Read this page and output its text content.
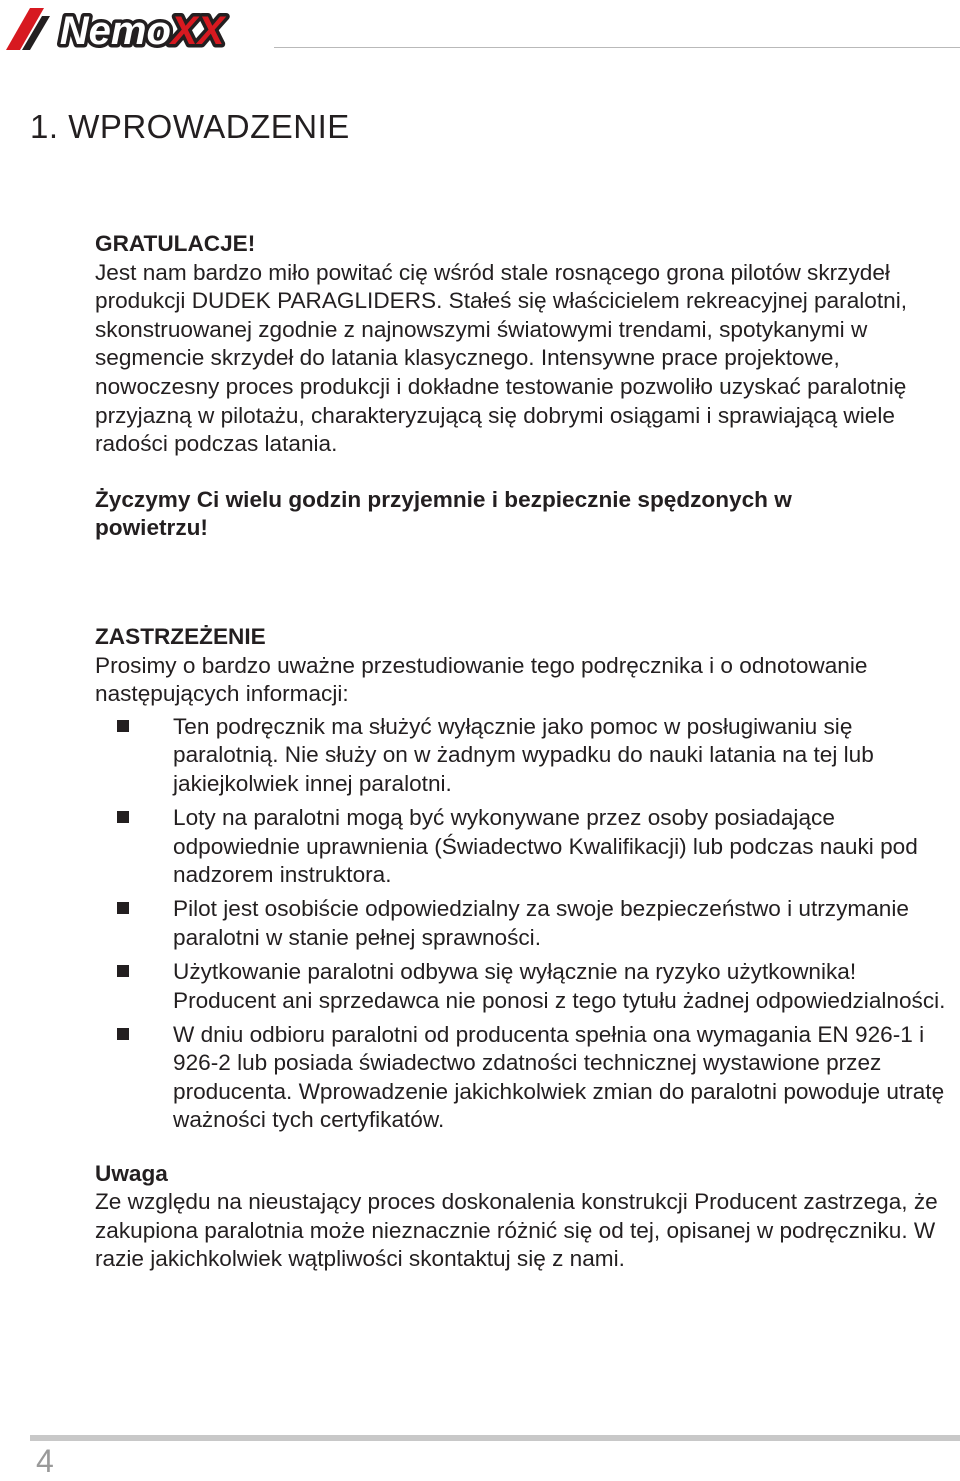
NemoXX
NemoXX
1. WPROWADZENIE

GRATULACJE!

Jest nam bardzo miło powitać cię wśród stale rosnącego grona pilotów skrzydeł produkcji DUDEK PARAGLIDERS. Stałeś się właścicielem rekreacyjnej paralotni, skonstruowanej zgodnie z najnowszymi światowymi trendami, spotykanymi w segmencie skrzydeł do latania klasycznego. Intensywne prace projektowe, nowoczesny proces produkcji i dokładne testowanie pozwoliło uzyskać paralotnię przyjazną w pilotażu, charakteryzującą się dobrymi osiągami i sprawiającą wiele radości podczas latania.

Życzymy Ci wielu godzin przyjemnie i bezpiecznie spędzonych w powietrzu!

ZASTRZEŻENIE

Prosimy o bardzo uważne przestudiowanie tego podręcznika i o odnotowanie następujących informacji:

Ten podręcznik ma służyć wyłącznie jako pomoc w posługiwaniu się paralotnią. Nie służy on w żadnym wypadku do nauki latania na tej lub jakiejkolwiek innej paralotni.
Loty na paralotni mogą być wykonywane przez osoby posiadające odpowiednie uprawnienia (Świadectwo Kwalifikacji) lub podczas nauki pod nadzorem instruktora.
Pilot jest osobiście odpowiedzialny za swoje bezpieczeństwo i utrzymanie paralotni w stanie pełnej sprawności.
Użytkowanie paralotni odbywa się wyłącznie na ryzyko użytkownika! Producent ani sprzedawca nie ponosi z tego tytułu żadnej odpowiedzialności.
W dniu odbioru paralotni od producenta spełnia ona wymagania EN 926-1 i 926-2 lub posiada świadectwo zdatności technicznej wystawione przez producenta. Wprowadzenie jakichkolwiek zmian do paralotni powoduje utratę ważności tych certyfikatów.

Uwaga

Ze względu na nieustający proces doskonalenia konstrukcji Producent zastrzega, że zakupiona paralotnia może nieznacznie różnić się od tej, opisanej w podręczniku. W razie jakichkolwiek wątpliwości skontaktuj się z nami.

4
